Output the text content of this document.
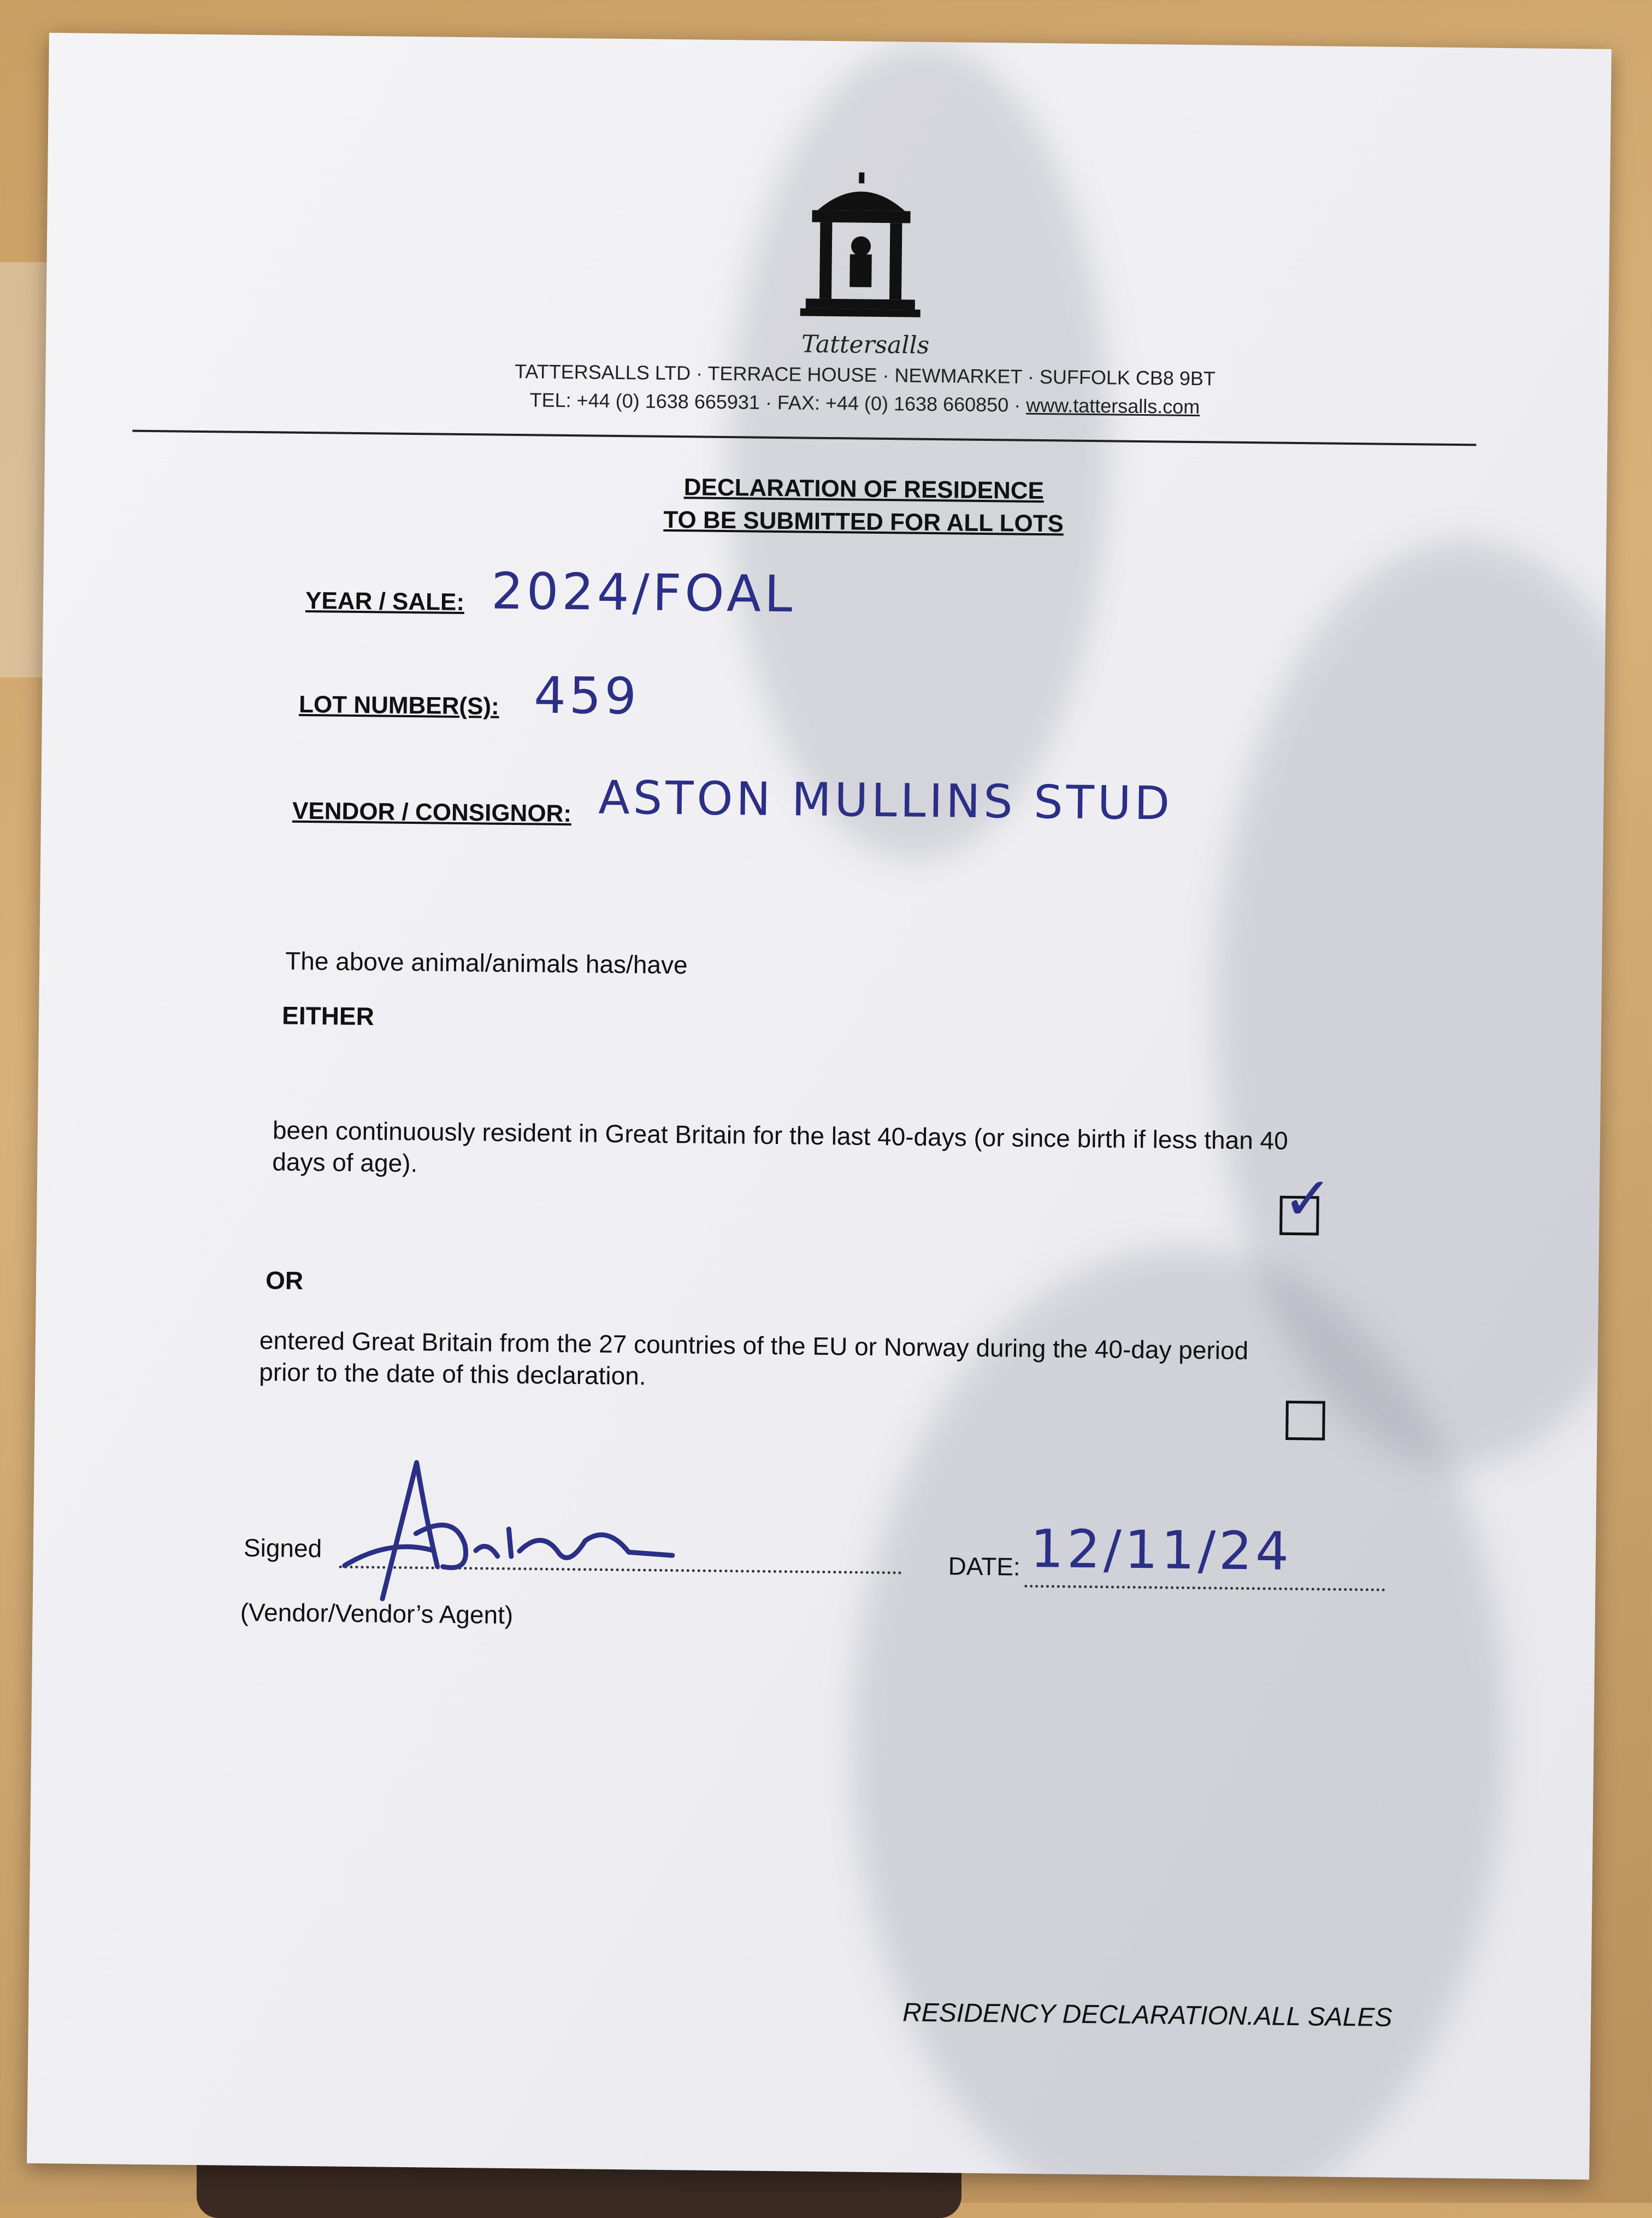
Tattersalls
TATTERSALLS LTD · TERRACE HOUSE · NEWMARKET · SUFFOLK CB8 9BT
TEL: +44 (0) 1638 665931 · FAX: +44 (0) 1638 660850 · www.tattersalls.com
DECLARATION OF RESIDENCE
TO BE SUBMITTED FOR ALL LOTS
YEAR / SALE: 2024/FOAL
LOT NUMBER(S): 459
VENDOR / CONSIGNOR: ASTON MULLINS STUD
The above animal/animals has/have
EITHER
been continuously resident in Great Britain for the last 40-days (or since birth if less than 40
days of age).
✓
OR
entered Great Britain from the 27 countries of the EU or Norway during the 40-day period
prior to the date of this declaration.
Signed
(Vendor/Vendor’s Agent)
DATE: 12/11/24
RESIDENCY DECLARATION.ALL SALES
